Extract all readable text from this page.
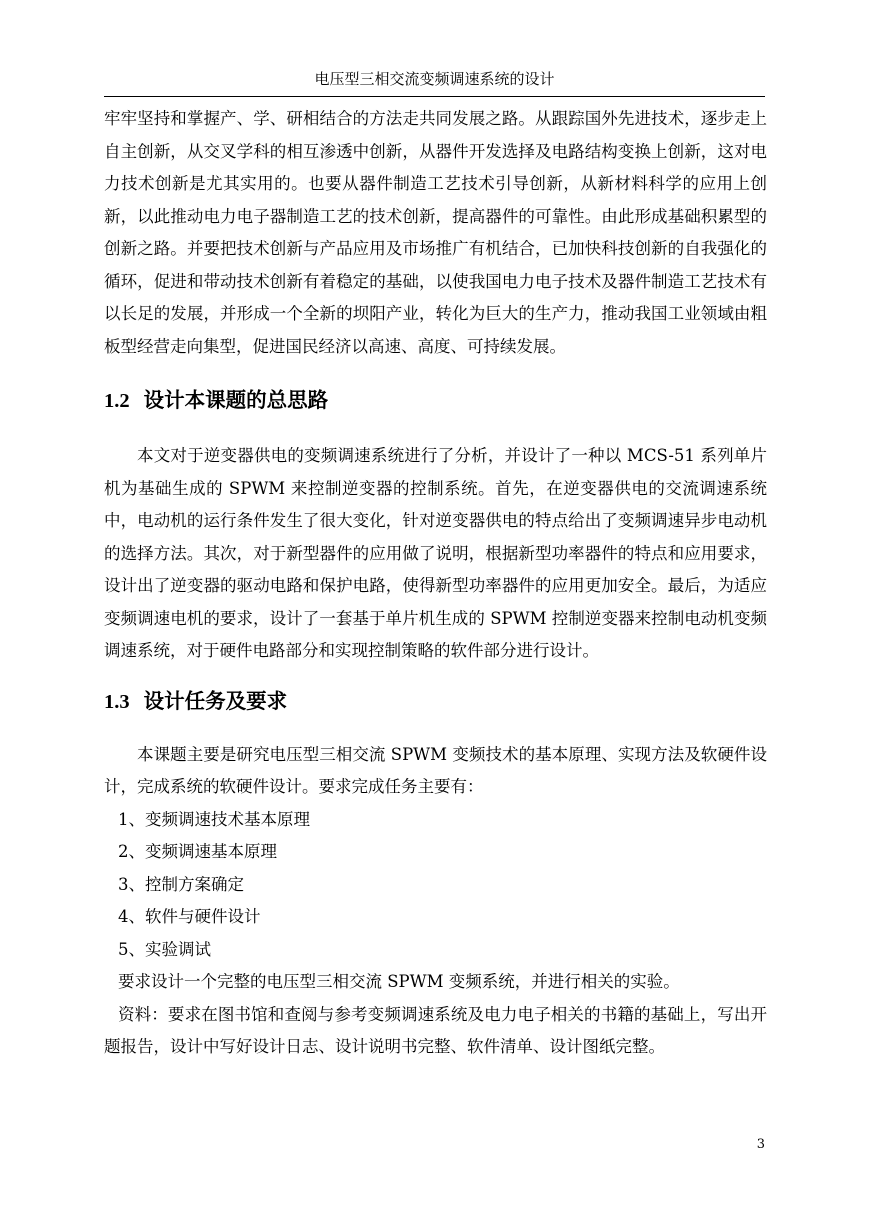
电压型三相交流变频调速系统的设计

牢牢坚持和掌握产、学、研相结合的方法走共同发展之路。从跟踪国外先进技术，逐步走上自主创新，从交叉学科的相互渗透中创新，从器件开发选择及电路结构变换上创新，这对电力技术创新是尤其实用的。也要从器件制造工艺技术引导创新，从新材料科学的应用上创新，以此推动电力电子器制造工艺的技术创新，提高器件的可靠性。由此形成基础积累型的创新之路。并要把技术创新与产品应用及市场推广有机结合，已加快科技创新的自我强化的循环，促进和带动技术创新有着稳定的基础，以使我国电力电子技术及器件制造工艺技术有以长足的发展，并形成一个全新的坝阳产业，转化为巨大的生产力，推动我国工业领域由粗板型经营走向集型，促进国民经济以高速、高度、可持续发展。

1.2 设计本课题的总思路

本文对于逆变器供电的变频调速系统进行了分析，并设计了一种以 MCS-51 系列单片机为基础生成的 SPWM 来控制逆变器的控制系统。首先，在逆变器供电的交流调速系统中，电动机的运行条件发生了很大变化，针对逆变器供电的特点给出了变频调速异步电动机的选择方法。其次，对于新型器件的应用做了说明，根据新型功率器件的特点和应用要求，设计出了逆变器的驱动电路和保护电路，使得新型功率器件的应用更加安全。最后，为适应变频调速电机的要求，设计了一套基于单片机生成的 SPWM 控制逆变器来控制电动机变频调速系统，对于硬件电路部分和实现控制策略的软件部分进行设计。

1.3 设计任务及要求

本课题主要是研究电压型三相交流 SPWM 变频技术的基本原理、实现方法及软硬件设计，完成系统的软硬件设计。要求完成任务主要有：

1、变频调速技术基本原理

2、变频调速基本原理

3、控制方案确定

4、软件与硬件设计

5、实验调试

要求设计一个完整的电压型三相交流 SPWM 变频系统，并进行相关的实验。

资料：要求在图书馆和查阅与参考变频调速系统及电力电子相关的书籍的基础上，写出开题报告，设计中写好设计日志、设计说明书完整、软件清单、设计图纸完整。

3
